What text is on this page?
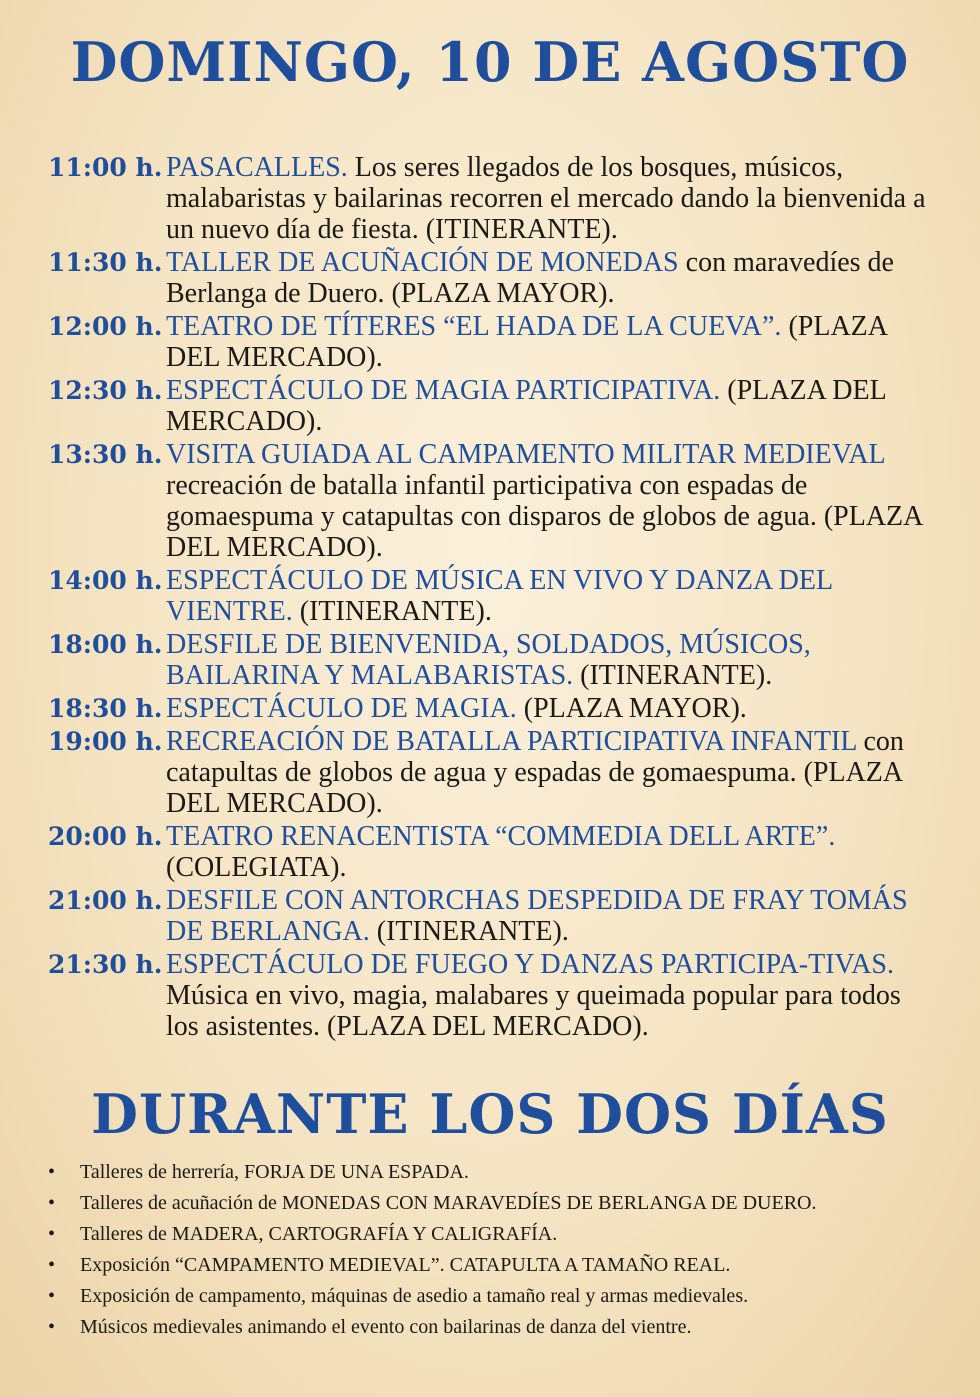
DOMINGO, 10 DE AGOSTO
11:00 h. PASACALLES. Los seres llegados de los bosques, músicos, malabaristas y bailarinas recorren el mercado dando la bienvenida a un nuevo día de fiesta. (ITINERANTE).
11:30 h. TALLER DE ACUÑACIÓN DE MONEDAS con maravedíes de Berlanga de Duero. (PLAZA MAYOR).
12:00 h. TEATRO DE TÍTERES “EL HADA DE LA CUEVA”. (PLAZA DEL MERCADO).
12:30 h. ESPECTÁCULO DE MAGIA PARTICIPATIVA. (PLAZA DEL MERCADO).
13:30 h. VISITA GUIADA AL CAMPAMENTO MILITAR MEDIEVAL recreación de batalla infantil participativa con espadas de gomaespuma y catapultas con disparos de globos de agua. (PLAZA DEL MERCADO).
14:00 h. ESPECTÁCULO DE MÚSICA EN VIVO Y DANZA DEL VIENTRE. (ITINERANTE).
18:00 h. DESFILE DE BIENVENIDA, SOLDADOS, MÚSICOS, BAILARINA Y MALABARISTAS. (ITINERANTE).
18:30 h. ESPECTÁCULO DE MAGIA. (PLAZA MAYOR).
19:00 h. RECREACIÓN DE BATALLA PARTICIPATIVA INFANTIL con catapultas de globos de agua y espadas de gomaespuma. (PLAZA DEL MERCADO).
20:00 h. TEATRO RENACENTISTA “COMMEDIA DELL ARTE”. (COLEGIATA).
21:00 h. DESFILE CON ANTORCHAS DESPEDIDA DE FRAY TOMÁS DE BERLANGA. (ITINERANTE).
21:30 h. ESPECTÁCULO DE FUEGO Y DANZAS PARTICIPA-TIVAS. Música en vivo, magia, malabares y queimada popular para todos los asistentes. (PLAZA DEL MERCADO).
DURANTE LOS DOS DÍAS
• Talleres de herrería, FORJA DE UNA ESPADA.
• Talleres de acuñación de MONEDAS CON MARAVEDÍES DE BERLANGA DE DUERO.
• Talleres de MADERA, CARTOGRAFÍA Y CALIGRAFÍA.
• Exposición “CAMPAMENTO MEDIEVAL”. CATAPULTA A TAMAÑO REAL.
• Exposición de campamento, máquinas de asedio a tamaño real y armas medievales.
• Músicos medievales animando el evento con bailarinas de danza del vientre.
